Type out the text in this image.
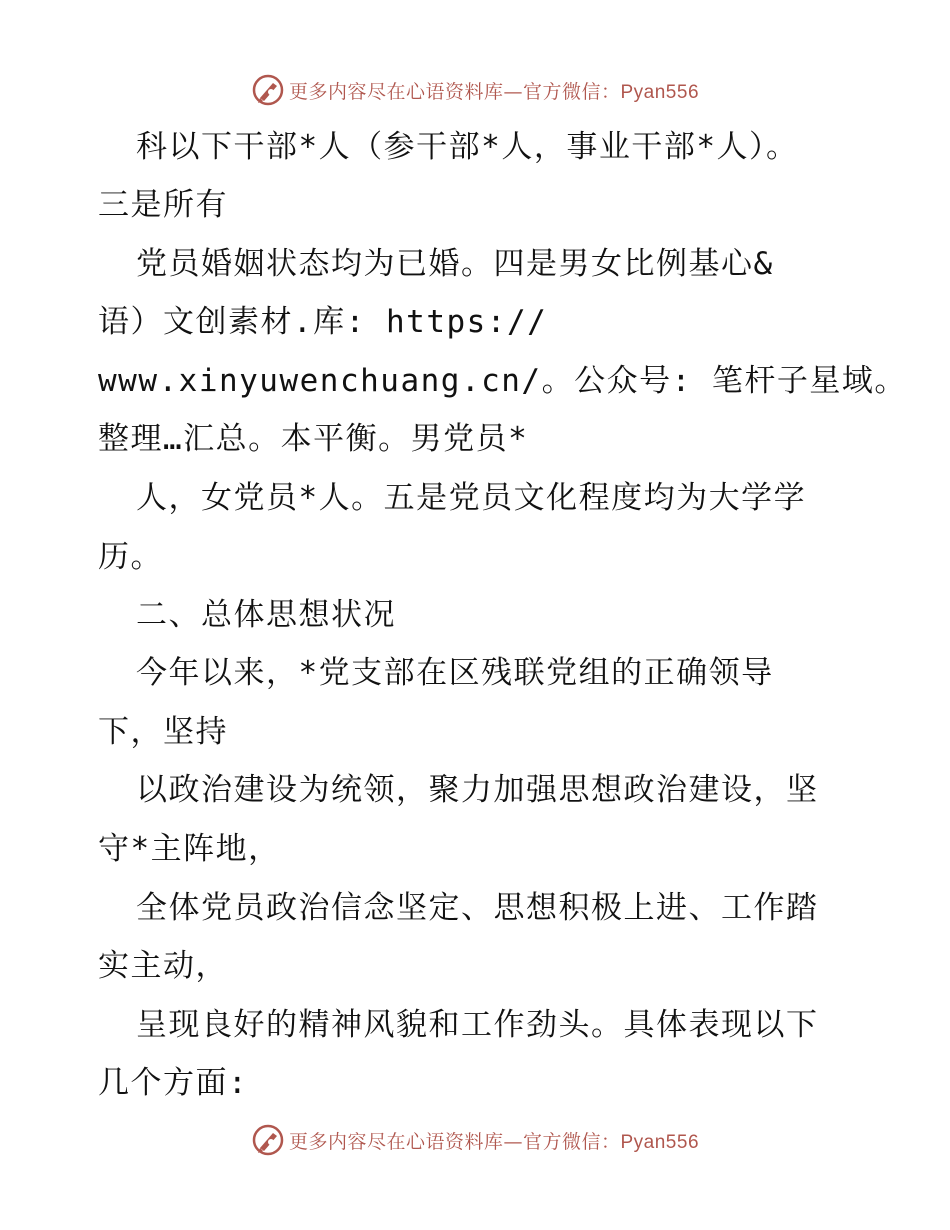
更多内容尽在心语资料库—官方微信：Pyan556
科以下干部*人（参干部*人，事业干部*人）。
三是所有
党员婚姻状态均为已婚。四是男女比例基心&
语）文创素材.库: https://
www.xinyuwenchuang.cn/。公众号: 笔杆子星域。
整理…汇总。本平衡。男党员*
人，女党员*人。五是党员文化程度均为大学学
历。
二、总体思想状况
今年以来，*党支部在区残联党组的正确领导
下，坚持
以政治建设为统领，聚力加强思想政治建设，坚
守*主阵地，
全体党员政治信念坚定、思想积极上进、工作踏
实主动，
呈现良好的精神风貌和工作劲头。具体表现以下
几个方面:
更多内容尽在心语资料库—官方微信：Pyan556
